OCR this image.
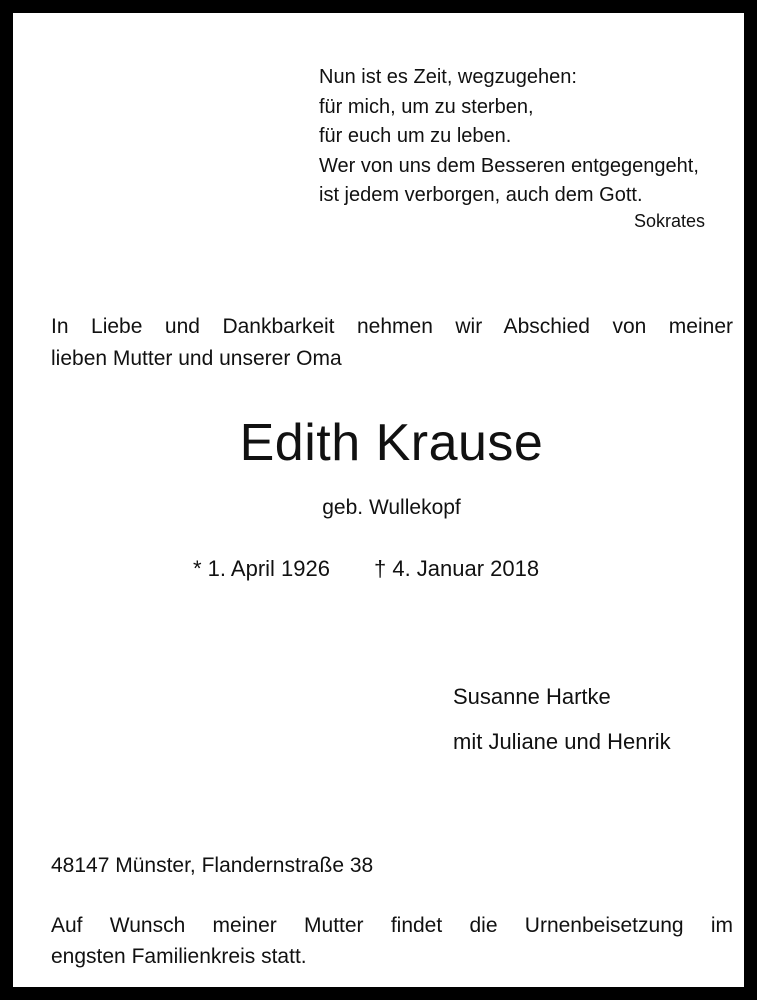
Nun ist es Zeit, wegzugehen:
für mich, um zu sterben,
für euch um zu leben.
Wer von uns dem Besseren entgegengeht,
ist jedem verborgen, auch dem Gott.

Sokrates

In Liebe und Dankbarkeit nehmen wir Abschied von meiner
lieben Mutter und unserer Oma

Edith Krause

geb. Wullekopf

* 1. April 1926 † 4. Januar 2018

Susanne Hartke
mit Juliane und Henrik

48147 Münster, Flandernstraße 38

Auf Wunsch meiner Mutter findet die Urnenbeisetzung im
engsten Familienkreis statt.
